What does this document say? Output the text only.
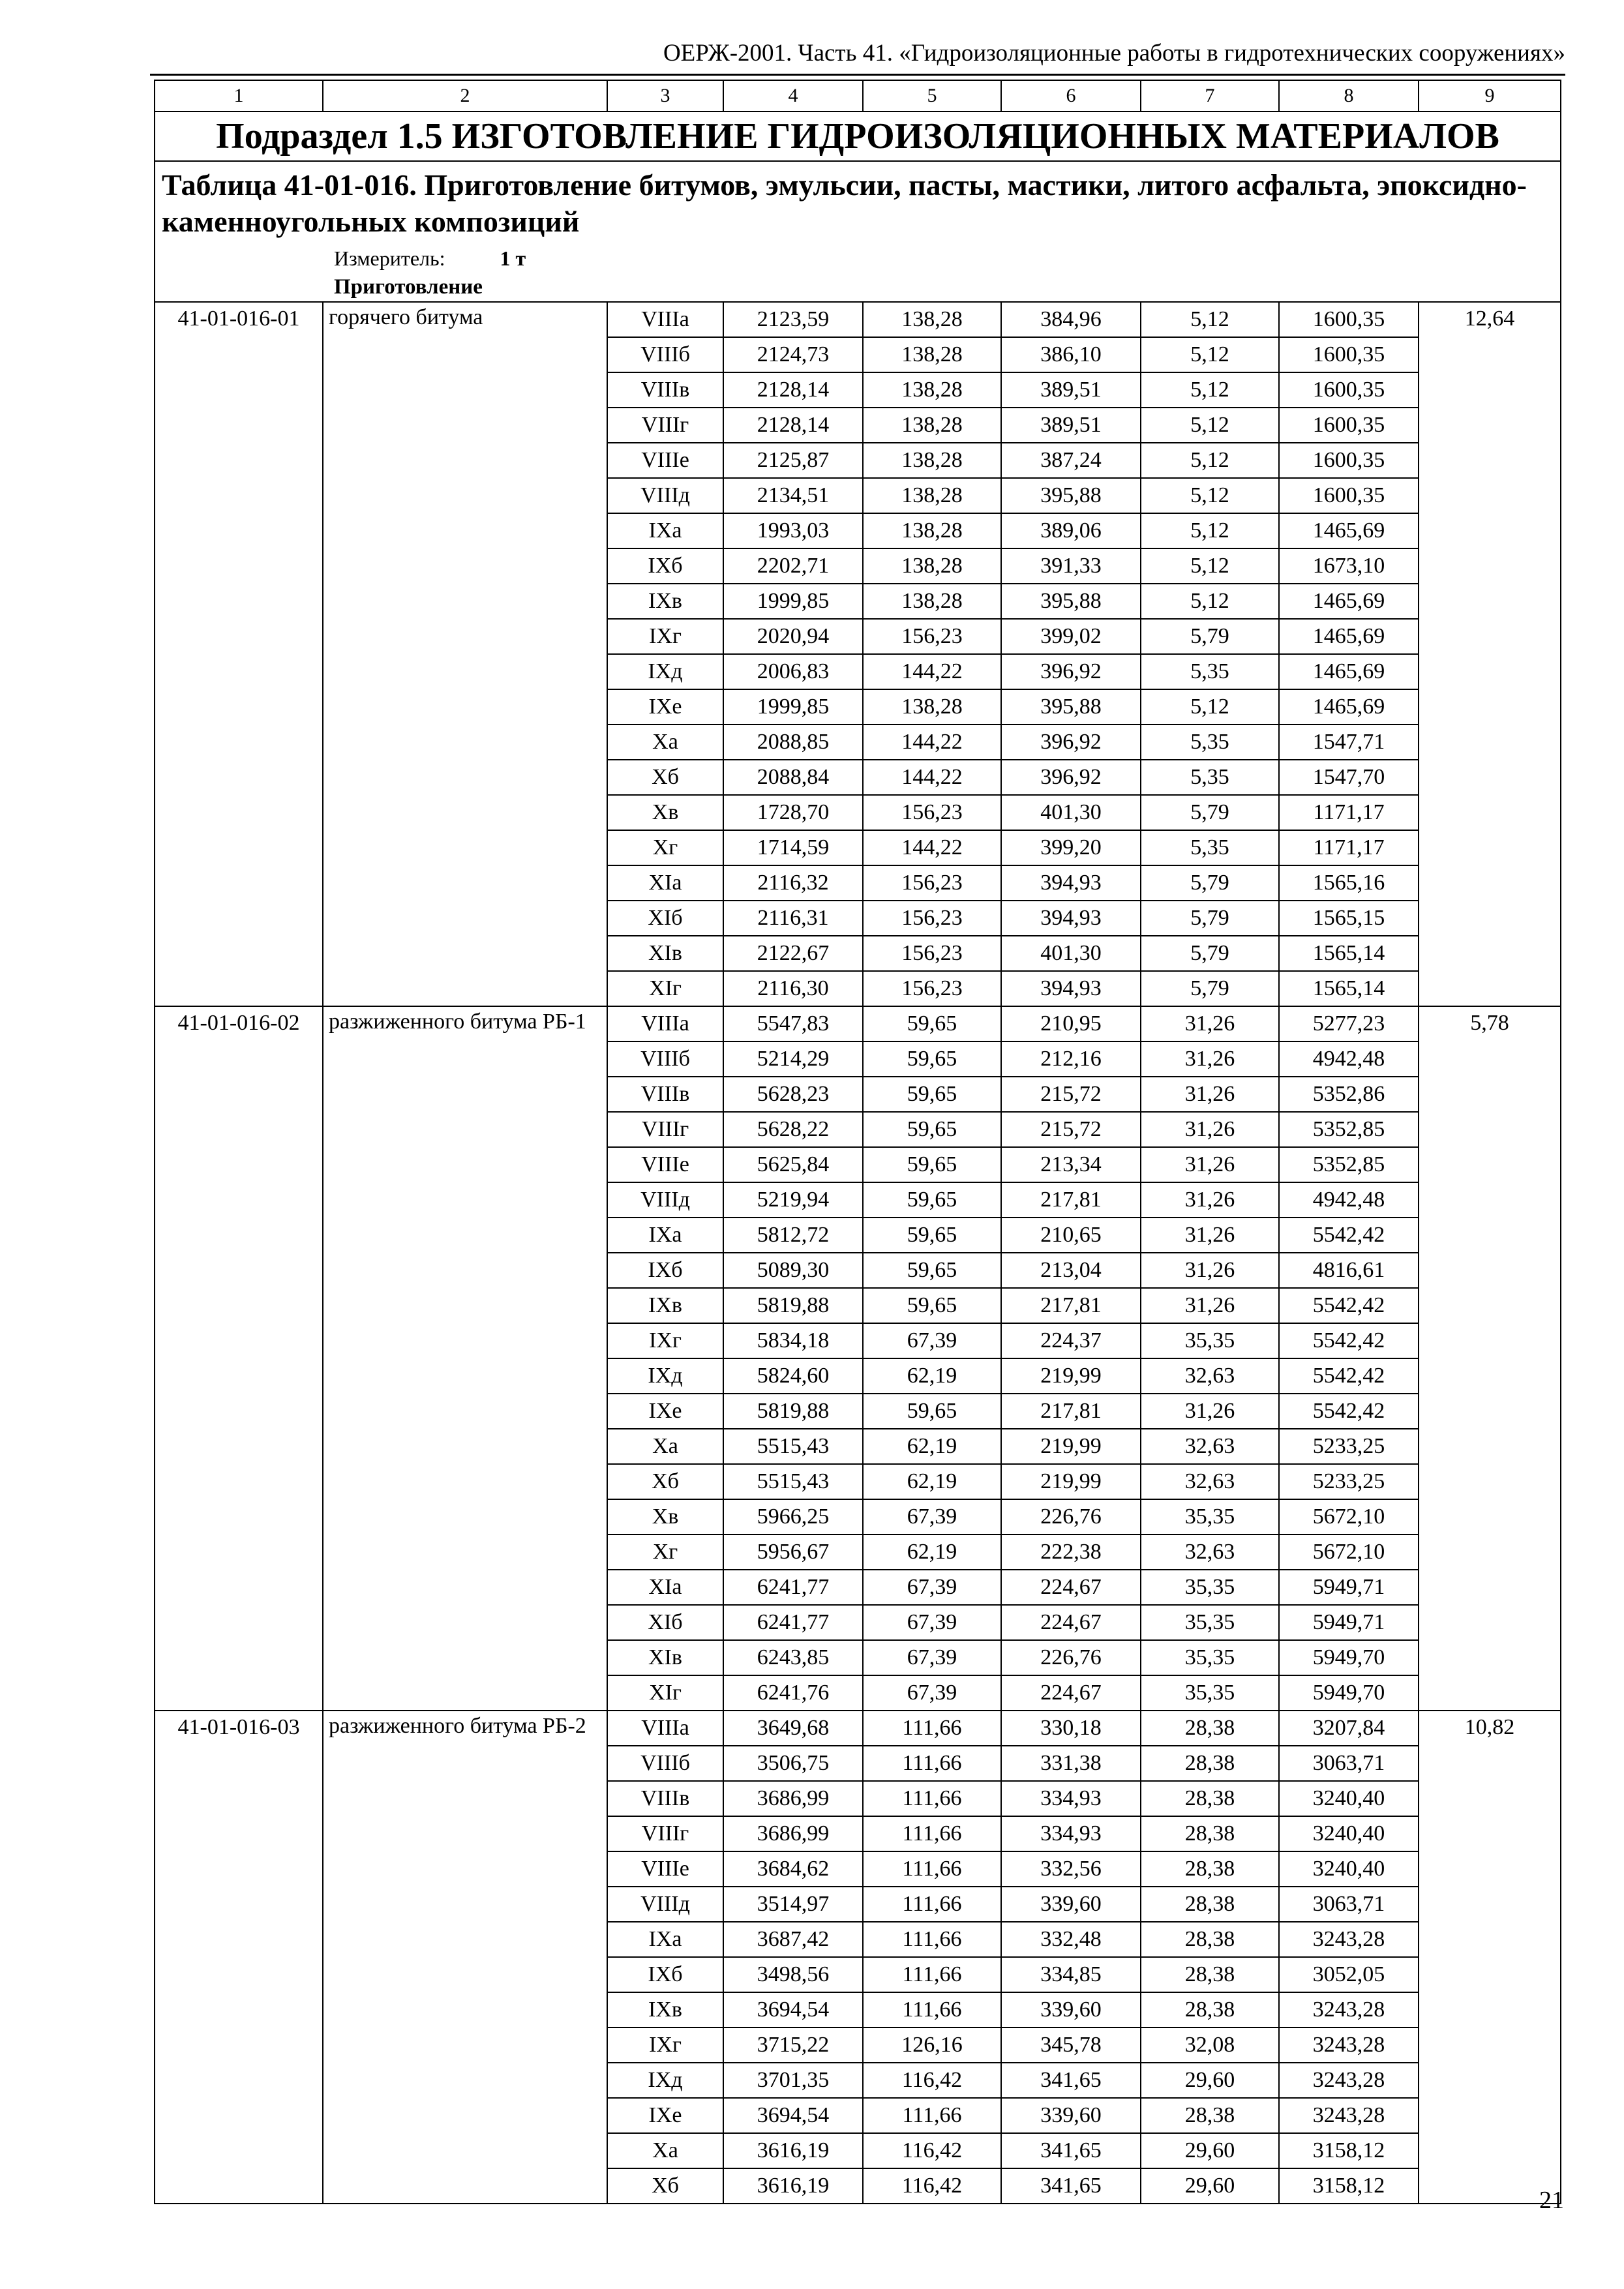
ОЕРЖ-2001. Часть 41. «Гидроизоляционные работы в гидротехнических сооружениях»
1	2	3	4	5	6	7	8	9
Подраздел 1.5 ИЗГОТОВЛЕНИЕ ГИДРОИЗОЛЯЦИОННЫХ МАТЕРИАЛОВ								
Таблица 41-01-016. Приготовление битумов, эмульсии, пасты, мастики, литого асфальта, эпоксидно-каменноугольных композиций								

Измеритель: 1 т								

Приготовление								

41-01-016-01	горячего битума	VIIIа	2123,59	138,28	384,96	5,12	1600,35	12,64
		VIIIб	2124,73	138,28	386,10	5,12	1600,35	
		VIIIв	2128,14	138,28	389,51	5,12	1600,35	
		VIIIг	2128,14	138,28	389,51	5,12	1600,35	
		VIIIе	2125,87	138,28	387,24	5,12	1600,35	
		VIIIд	2134,51	138,28	395,88	5,12	1600,35	
		IXа	1993,03	138,28	389,06	5,12	1465,69	
		IXб	2202,71	138,28	391,33	5,12	1673,10	
		IXв	1999,85	138,28	395,88	5,12	1465,69	
		IXг	2020,94	156,23	399,02	5,79	1465,69	
		IXд	2006,83	144,22	396,92	5,35	1465,69	
		IXе	1999,85	138,28	395,88	5,12	1465,69	
		Xа	2088,85	144,22	396,92	5,35	1547,71	
		Xб	2088,84	144,22	396,92	5,35	1547,70	
		Xв	1728,70	156,23	401,30	5,79	1171,17	
		Xг	1714,59	144,22	399,20	5,35	1171,17	
		XIа	2116,32	156,23	394,93	5,79	1565,16	
		XIб	2116,31	156,23	394,93	5,79	1565,15	
		XIв	2122,67	156,23	401,30	5,79	1565,14	
		XIг	2116,30	156,23	394,93	5,79	1565,14	
41-01-016-02	разжиженного битума РБ-1	VIIIа	5547,83	59,65	210,95	31,26	5277,23	5,78
		VIIIб	5214,29	59,65	212,16	31,26	4942,48	
		VIIIв	5628,23	59,65	215,72	31,26	5352,86	
		VIIIг	5628,22	59,65	215,72	31,26	5352,85	
		VIIIе	5625,84	59,65	213,34	31,26	5352,85	
		VIIIд	5219,94	59,65	217,81	31,26	4942,48	
		IXа	5812,72	59,65	210,65	31,26	5542,42	
		IXб	5089,30	59,65	213,04	31,26	4816,61	
		IXв	5819,88	59,65	217,81	31,26	5542,42	
		IXг	5834,18	67,39	224,37	35,35	5542,42	
		IXд	5824,60	62,19	219,99	32,63	5542,42	
		IXе	5819,88	59,65	217,81	31,26	5542,42	
		Xа	5515,43	62,19	219,99	32,63	5233,25	
		Xб	5515,43	62,19	219,99	32,63	5233,25	
		Xв	5966,25	67,39	226,76	35,35	5672,10	
		Xг	5956,67	62,19	222,38	32,63	5672,10	
		XIа	6241,77	67,39	224,67	35,35	5949,71	
		XIб	6241,77	67,39	224,67	35,35	5949,71	
		XIв	6243,85	67,39	226,76	35,35	5949,70	
		XIг	6241,76	67,39	224,67	35,35	5949,70	
41-01-016-03	разжиженного битума РБ-2	VIIIа	3649,68	111,66	330,18	28,38	3207,84	10,82
		VIIIб	3506,75	111,66	331,38	28,38	3063,71	
		VIIIв	3686,99	111,66	334,93	28,38	3240,40	
		VIIIг	3686,99	111,66	334,93	28,38	3240,40	
		VIIIе	3684,62	111,66	332,56	28,38	3240,40	
		VIIIд	3514,97	111,66	339,60	28,38	3063,71	
		IXа	3687,42	111,66	332,48	28,38	3243,28	
		IXб	3498,56	111,66	334,85	28,38	3052,05	
		IXв	3694,54	111,66	339,60	28,38	3243,28	
		IXг	3715,22	126,16	345,78	32,08	3243,28	
		IXд	3701,35	116,42	341,65	29,60	3243,28	
		IXе	3694,54	111,66	339,60	28,38	3243,28	
		Xа	3616,19	116,42	341,65	29,60	3158,12	
		Xб	3616,19	116,42	341,65	29,60	3158,12	
21
